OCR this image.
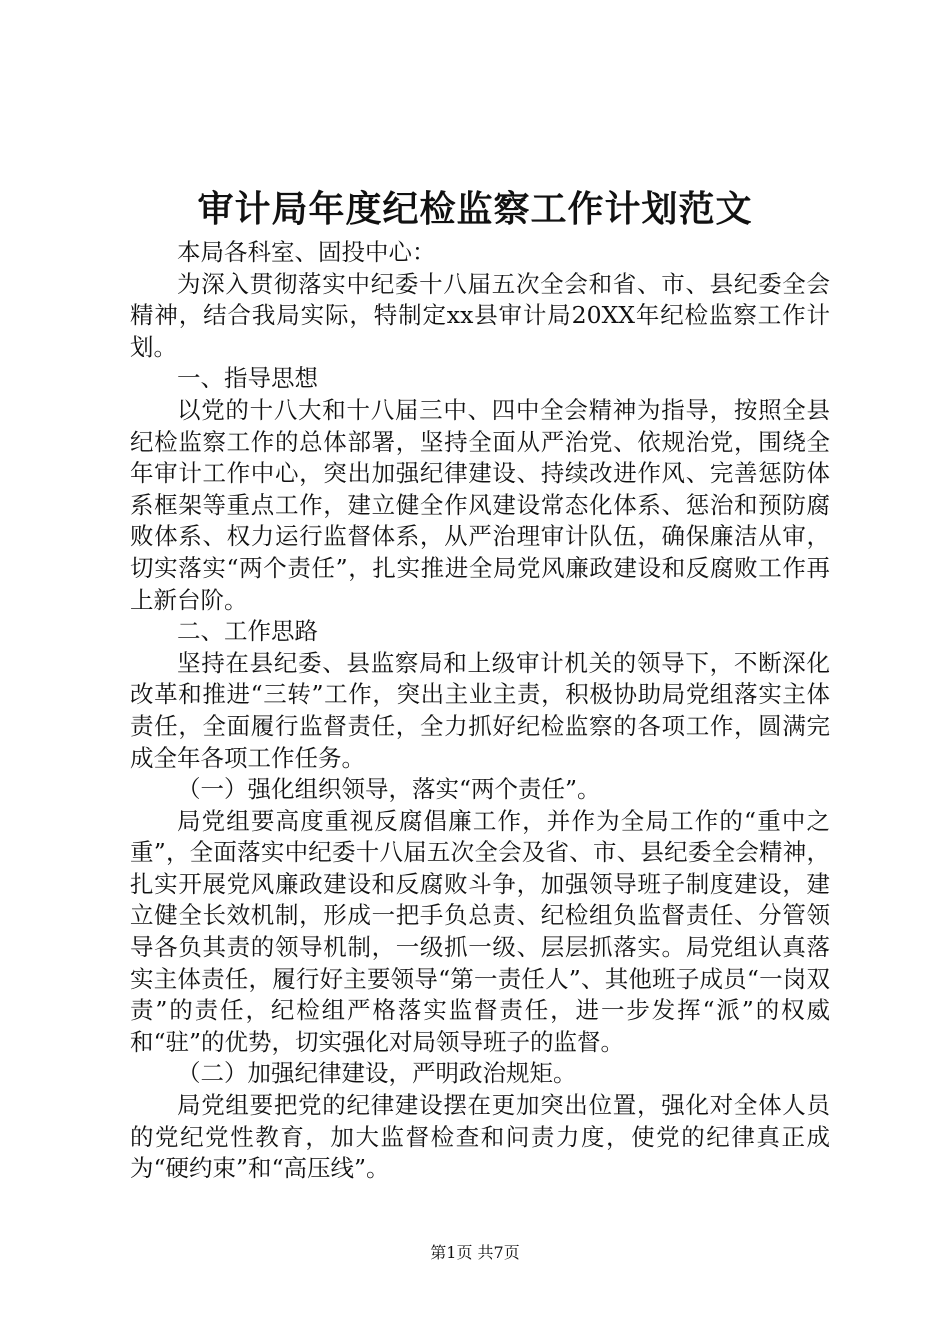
审计局年度纪检监察工作计划范文

本局各科室、固投中心：

为深入贯彻落实中纪委十八届五次全会和省、市、县纪委全会精神，结合我局实际，特制定xx县审计局20XX年纪检监察工作计划。

一、指导思想

以党的十八大和十八届三中、四中全会精神为指导，按照全县纪检监察工作的总体部署，坚持全面从严治党、依规治党，围绕全年审计工作中心，突出加强纪律建设、持续改进作风、完善惩防体系框架等重点工作，建立健全作风建设常态化体系、惩治和预防腐败体系、权力运行监督体系，从严治理审计队伍，确保廉洁从审，切实落实“两个责任”，扎实推进全局党风廉政建设和反腐败工作再上新台阶。

二、工作思路

坚持在县纪委、县监察局和上级审计机关的领导下，不断深化改革和推进“三转”工作，突出主业主责，积极协助局党组落实主体责任，全面履行监督责任，全力抓好纪检监察的各项工作，圆满完成全年各项工作任务。

（一）强化组织领导，落实“两个责任”。

局党组要高度重视反腐倡廉工作，并作为全局工作的“重中之重”，全面落实中纪委十八届五次全会及省、市、县纪委全会精神，扎实开展党风廉政建设和反腐败斗争，加强领导班子制度建设，建立健全长效机制，形成一把手负总责、纪检组负监督责任、分管领导各负其责的领导机制，一级抓一级、层层抓落实。局党组认真落实主体责任，履行好主要领导“第一责任人”、其他班子成员“一岗双责”的责任，纪检组严格落实监督责任，进一步发挥“派”的权威和“驻”的优势，切实强化对局领导班子的监督。

（二）加强纪律建设，严明政治规矩。

局党组要把党的纪律建设摆在更加突出位置，强化对全体人员的党纪党性教育，加大监督检查和问责力度，使党的纪律真正成为“硬约束”和“高压线”。

第1页 共7页
